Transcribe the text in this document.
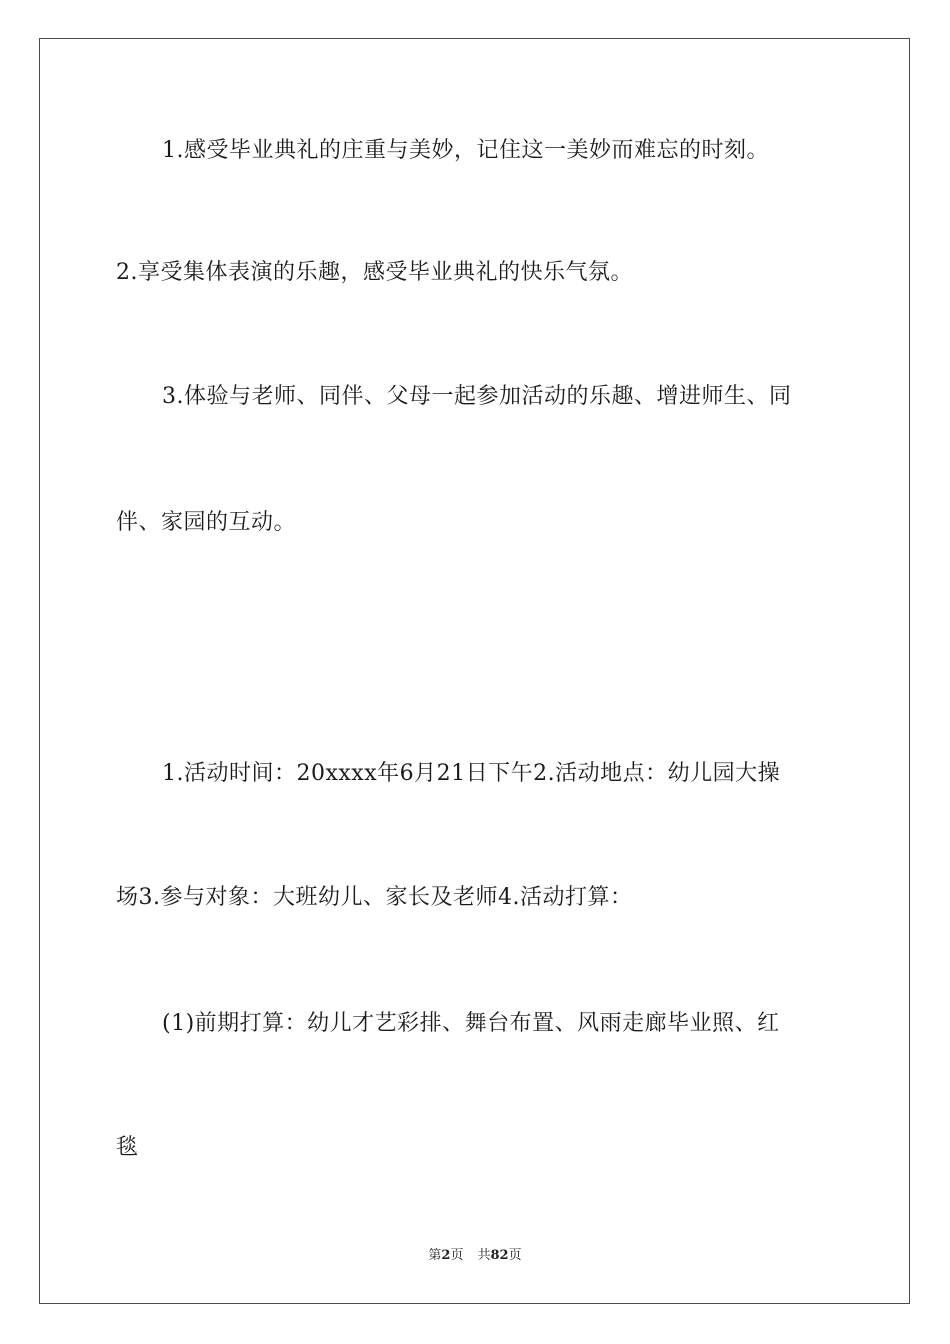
1.感受毕业典礼的庄重与美妙，记住这一美妙而难忘的时刻。
2.享受集体表演的乐趣，感受毕业典礼的快乐气氛。
3.体验与老师、同伴、父母一起参加活动的乐趣、增进师生、同
伴、家园的互动。
1.活动时间：20xxxx年6月21日下午2.活动地点：幼儿园大操
场3.参与对象：大班幼儿、家长及老师4.活动打算：
(1)前期打算：幼儿才艺彩排、舞台布置、风雨走廊毕业照、红
毯
第2页 共82页
